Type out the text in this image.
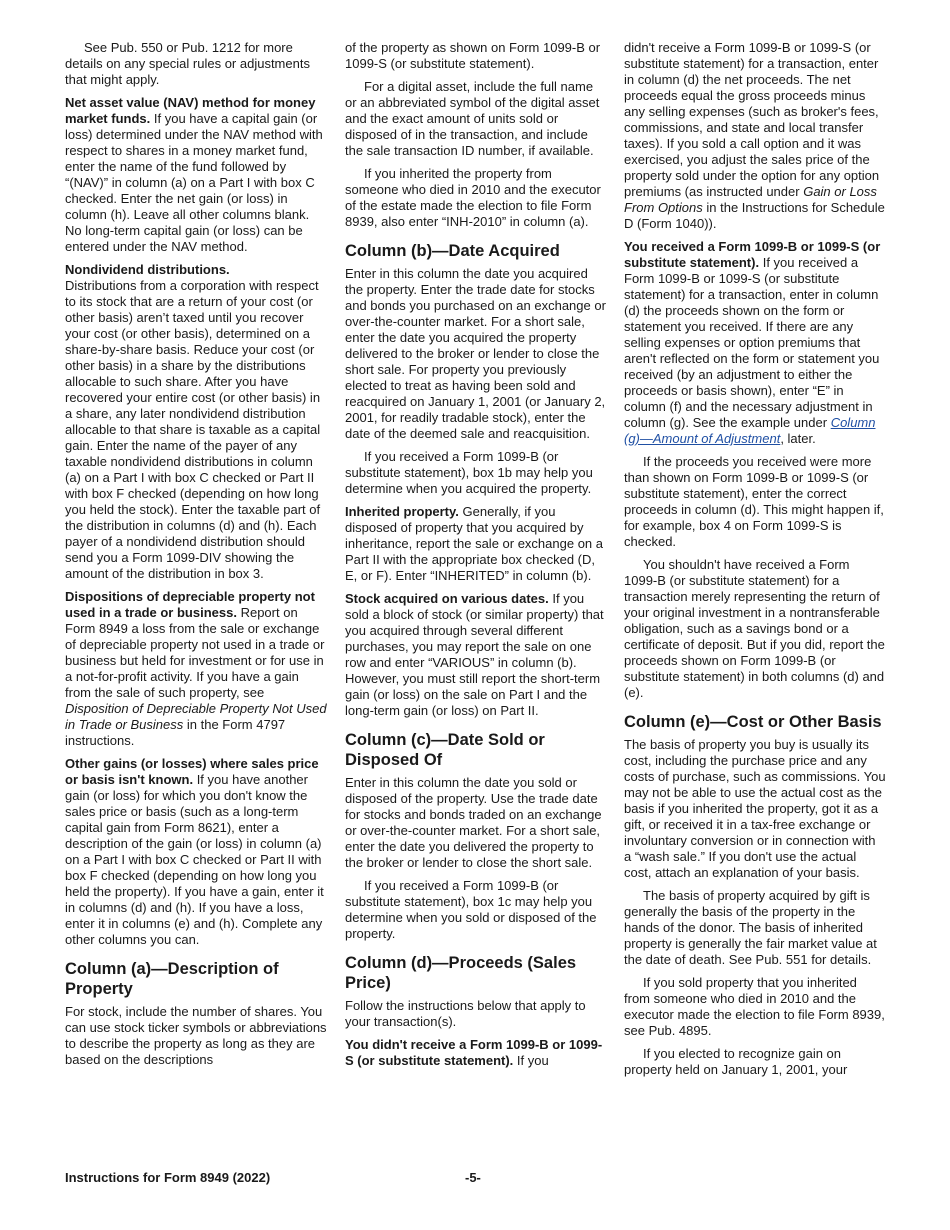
See Pub. 550 or Pub. 1212 for more details on any special rules or adjustments that might apply.

Net asset value (NAV) method for money market funds. If you have a capital gain (or loss) determined under the NAV method with respect to shares in a money market fund, enter the name of the fund followed by “(NAV)” in column (a) on a Part I with box C checked. Enter the net gain (or loss) in column (h). Leave all other columns blank. No long-term capital gain (or loss) can be entered under the NAV method.

Nondividend distributions.
Distributions from a corporation with respect to its stock that are a return of your cost (or other basis) aren’t taxed until you recover your cost (or other basis), determined on a share-by-share basis. Reduce your cost (or other basis) in a share by the distributions allocable to such share. After you have recovered your entire cost (or other basis) in a share, any later nondividend distribution allocable to that share is taxable as a capital gain. Enter the name of the payer of any taxable nondividend distributions in column (a) on a Part I with box C checked or Part II with box F checked (depending on how long you held the stock). Enter the taxable part of the distribution in columns (d) and (h). Each payer of a nondividend distribution should send you a Form 1099-DIV showing the amount of the distribution in box 3.

Dispositions of depreciable property not used in a trade or business. Report on Form 8949 a loss from the sale or exchange of depreciable property not used in a trade or business but held for investment or for use in a not-for-profit activity. If you have a gain from the sale of such property, see Disposition of Depreciable Property Not Used in Trade or Business in the Form 4797 instructions.

Other gains (or losses) where sales price or basis isn't known. If you have another gain (or loss) for which you don't know the sales price or basis (such as a long-term capital gain from Form 8621), enter a description of the gain (or loss) in column (a) on a Part I with box C checked or Part II with box F checked (depending on how long you held the property). If you have a gain, enter it in columns (d) and (h). If you have a loss, enter it in columns (e) and (h). Complete any other columns you can.

Column (a)—Description of Property

For stock, include the number of shares. You can use stock ticker symbols or abbreviations to describe the property as long as they are based on the descriptions

of the property as shown on Form 1099-B or 1099-S (or substitute statement).

For a digital asset, include the full name or an abbreviated symbol of the digital asset and the exact amount of units sold or disposed of in the transaction, and include the sale transaction ID number, if available.

If you inherited the property from someone who died in 2010 and the executor of the estate made the election to file Form 8939, also enter “INH-2010” in column (a).

Column (b)—Date Acquired

Enter in this column the date you acquired the property. Enter the trade date for stocks and bonds you purchased on an exchange or over-the-counter market. For a short sale, enter the date you acquired the property delivered to the broker or lender to close the short sale. For property you previously elected to treat as having been sold and reacquired on January 1, 2001 (or January 2, 2001, for readily tradable stock), enter the date of the deemed sale and reacquisition.

If you received a Form 1099-B (or substitute statement), box 1b may help you determine when you acquired the property.

Inherited property. Generally, if you disposed of property that you acquired by inheritance, report the sale or exchange on a Part II with the appropriate box checked (D, E, or F). Enter “INHERITED” in column (b).

Stock acquired on various dates. If you sold a block of stock (or similar property) that you acquired through several different purchases, you may report the sale on one row and enter “VARIOUS” in column (b). However, you must still report the short-term gain (or loss) on the sale on Part I and the long-term gain (or loss) on Part II.

Column (c)—Date Sold or Disposed Of

Enter in this column the date you sold or disposed of the property. Use the trade date for stocks and bonds traded on an exchange or over-the-counter market. For a short sale, enter the date you delivered the property to the broker or lender to close the short sale.

If you received a Form 1099-B (or substitute statement), box 1c may help you determine when you sold or disposed of the property.

Column (d)—Proceeds (Sales Price)

Follow the instructions below that apply to your transaction(s).

You didn't receive a Form 1099-B or 1099-S (or substitute statement). If you

didn't receive a Form 1099-B or 1099-S (or substitute statement) for a transaction, enter in column (d) the net proceeds. The net proceeds equal the gross proceeds minus any selling expenses (such as broker's fees, commissions, and state and local transfer taxes). If you sold a call option and it was exercised, you adjust the sales price of the property sold under the option for any option premiums (as instructed under Gain or Loss From Options in the Instructions for Schedule D (Form 1040)).

You received a Form 1099-B or 1099-S (or substitute statement). If you received a Form 1099-B or 1099-S (or substitute statement) for a transaction, enter in column (d) the proceeds shown on the form or statement you received. If there are any selling expenses or option premiums that aren't reflected on the form or statement you received (by an adjustment to either the proceeds or basis shown), enter “E” in column (f) and the necessary adjustment in column (g). See the example under Column (g)—Amount of Adjustment, later.

If the proceeds you received were more than shown on Form 1099-B or 1099-S (or substitute statement), enter the correct proceeds in column (d). This might happen if, for example, box 4 on Form 1099-S is checked.

You shouldn't have received a Form 1099-B (or substitute statement) for a transaction merely representing the return of your original investment in a nontransferable obligation, such as a savings bond or a certificate of deposit. But if you did, report the proceeds shown on Form 1099-B (or substitute statement) in both columns (d) and (e).

Column (e)—Cost or Other Basis

The basis of property you buy is usually its cost, including the purchase price and any costs of purchase, such as commissions. You may not be able to use the actual cost as the basis if you inherited the property, got it as a gift, or received it in a tax-free exchange or involuntary conversion or in connection with a “wash sale.” If you don't use the actual cost, attach an explanation of your basis.

The basis of property acquired by gift is generally the basis of the property in the hands of the donor. The basis of inherited property is generally the fair market value at the date of death. See Pub. 551 for details.

If you sold property that you inherited from someone who died in 2010 and the executor made the election to file Form 8939, see Pub. 4895.

If you elected to recognize gain on property held on January 1, 2001, your

Instructions for Form 8949 (2022)	-5-
